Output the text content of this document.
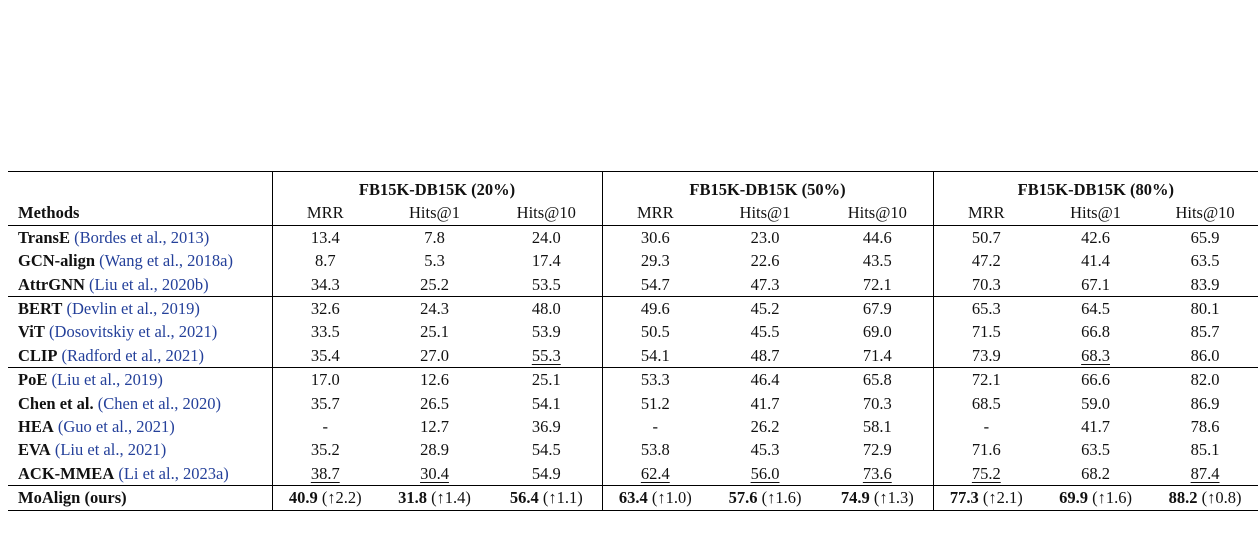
	FB15K-DB15K (20%)			FB15K-DB15K (50%)			FB15K-DB15K (80%)		
Methods	MRR	Hits@1	Hits@10	MRR	Hits@1	Hits@10	MRR	Hits@1	Hits@10
TransE (Bordes et al., 2013)	13.4	7.8	24.0	30.6	23.0	44.6	50.7	42.6	65.9
GCN-align (Wang et al., 2018a)	8.7	5.3	17.4	29.3	22.6	43.5	47.2	41.4	63.5
AttrGNN (Liu et al., 2020b)	34.3	25.2	53.5	54.7	47.3	72.1	70.3	67.1	83.9
BERT (Devlin et al., 2019)	32.6	24.3	48.0	49.6	45.2	67.9	65.3	64.5	80.1
ViT (Dosovitskiy et al., 2021)	33.5	25.1	53.9	50.5	45.5	69.0	71.5	66.8	85.7
CLIP (Radford et al., 2021)	35.4	27.0	55.3	54.1	48.7	71.4	73.9	68.3	86.0
PoE (Liu et al., 2019)	17.0	12.6	25.1	53.3	46.4	65.8	72.1	66.6	82.0
Chen et al. (Chen et al., 2020)	35.7	26.5	54.1	51.2	41.7	70.3	68.5	59.0	86.9
HEA (Guo et al., 2021)	-	12.7	36.9	-	26.2	58.1	-	41.7	78.6
EVA (Liu et al., 2021)	35.2	28.9	54.5	53.8	45.3	72.9	71.6	63.5	85.1
ACK-MMEA (Li et al., 2023a)	38.7	30.4	54.9	62.4	56.0	73.6	75.2	68.2	87.4
MoAlign (ours)	40.9 (↑2.2)	31.8 (↑1.4)	56.4 (↑1.1)	63.4 (↑1.0)	57.6 (↑1.6)	74.9 (↑1.3)	77.3 (↑2.1)	69.9 (↑1.6)	88.2 (↑0.8)
